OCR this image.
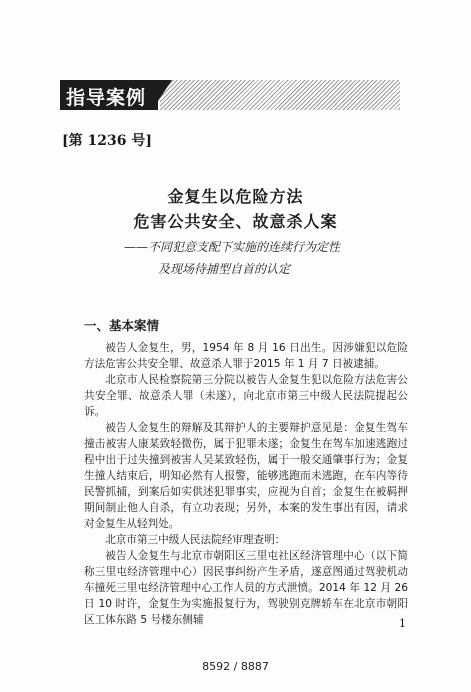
指导案例
[第 1236 号]
金复生以危险方法
危害公共安全、故意杀人案
——不同犯意支配下实施的连续行为定性
及现场待捕型自首的认定
一、基本案情

被告人金复生，男，1954 年 8 月 16 日出生。因涉嫌犯以危险方法危害公共安全罪、故意杀人罪于2015 年 1 月 7 日被逮捕。

北京市人民检察院第三分院以被告人金复生犯以危险方法危害公共安全罪、故意杀人罪（未遂），向北京市第三中级人民法院提起公诉。

被告人金复生的辩解及其辩护人的主要辩护意见是：金复生驾车撞击被害人康某致轻微伤，属于犯罪未遂；金复生在驾车加速逃跑过程中出于过失撞到被害人吴某致轻伤，属于一般交通肇事行为；金复生撞人结束后，明知必然有人报警，能够逃跑而未逃跑，在车内等待民警抓捕，到案后如实供述犯罪事实，应视为自首；金复生在被羁押期间制止他人自杀，有立功表现；另外，本案的发生事出有因，请求对金复生从轻判处。

北京市第三中级人民法院经审理查明：

被告人金复生与北京市朝阳区三里屯社区经济管理中心（以下简称三里屯经济管理中心）因民事纠纷产生矛盾，遂意图通过驾驶机动车撞死三里屯经济管理中心工作人员的方式泄愤。2014 年 12 月 26 日 10 时许，金复生为实施报复行为，驾驶别克牌轿车在北京市朝阳区工体东路 5 号楼东侧辅	1
8592 / 8887
